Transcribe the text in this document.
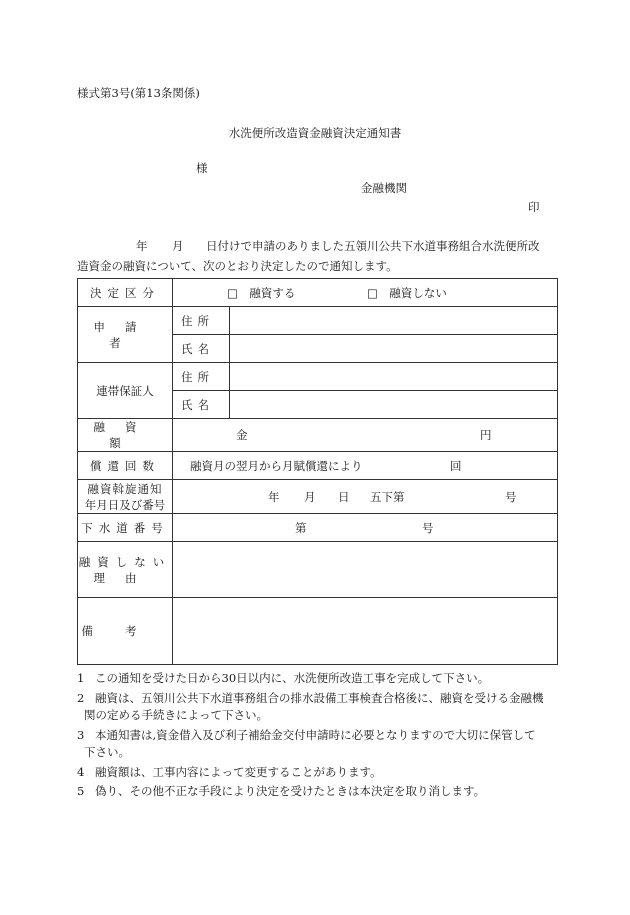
様式第3号(第13条関係)
水洗便所改造資金融資決定通知書
様
金融機関
印
年 月 日付けで申請のありました五領川公共下水道事務組合水洗便所改
造資金の融資について、次のとおり決定したので通知します。
決定区分	□　融資する □　融資しない	
申請者	住所	
	氏名	
連帯保証人	住所	
	氏名	
融資額	金 円	
償還回数	融資月の翌月から月賦償還により 回	

融資斡旋通知
年月日及び番号	年 月 日 五下第 号	
下水道番号	第 号	

融資しない
理由		

備考		
1 この通知を受けた日から30日以内に、水洗便所改造工事を完成して下さい。
2 融資は、五領川公共下水道事務組合の排水設備工事検査合格後に、融資を受ける金融機
関の定める手続きによって下さい。
3 本通知書は,資金借入及び利子補給金交付申請時に必要となりますので大切に保管して
下さい。
4 融資額は、工事内容によって変更することがあります。
5 偽り、その他不正な手段により決定を受けたときは本決定を取り消します。
